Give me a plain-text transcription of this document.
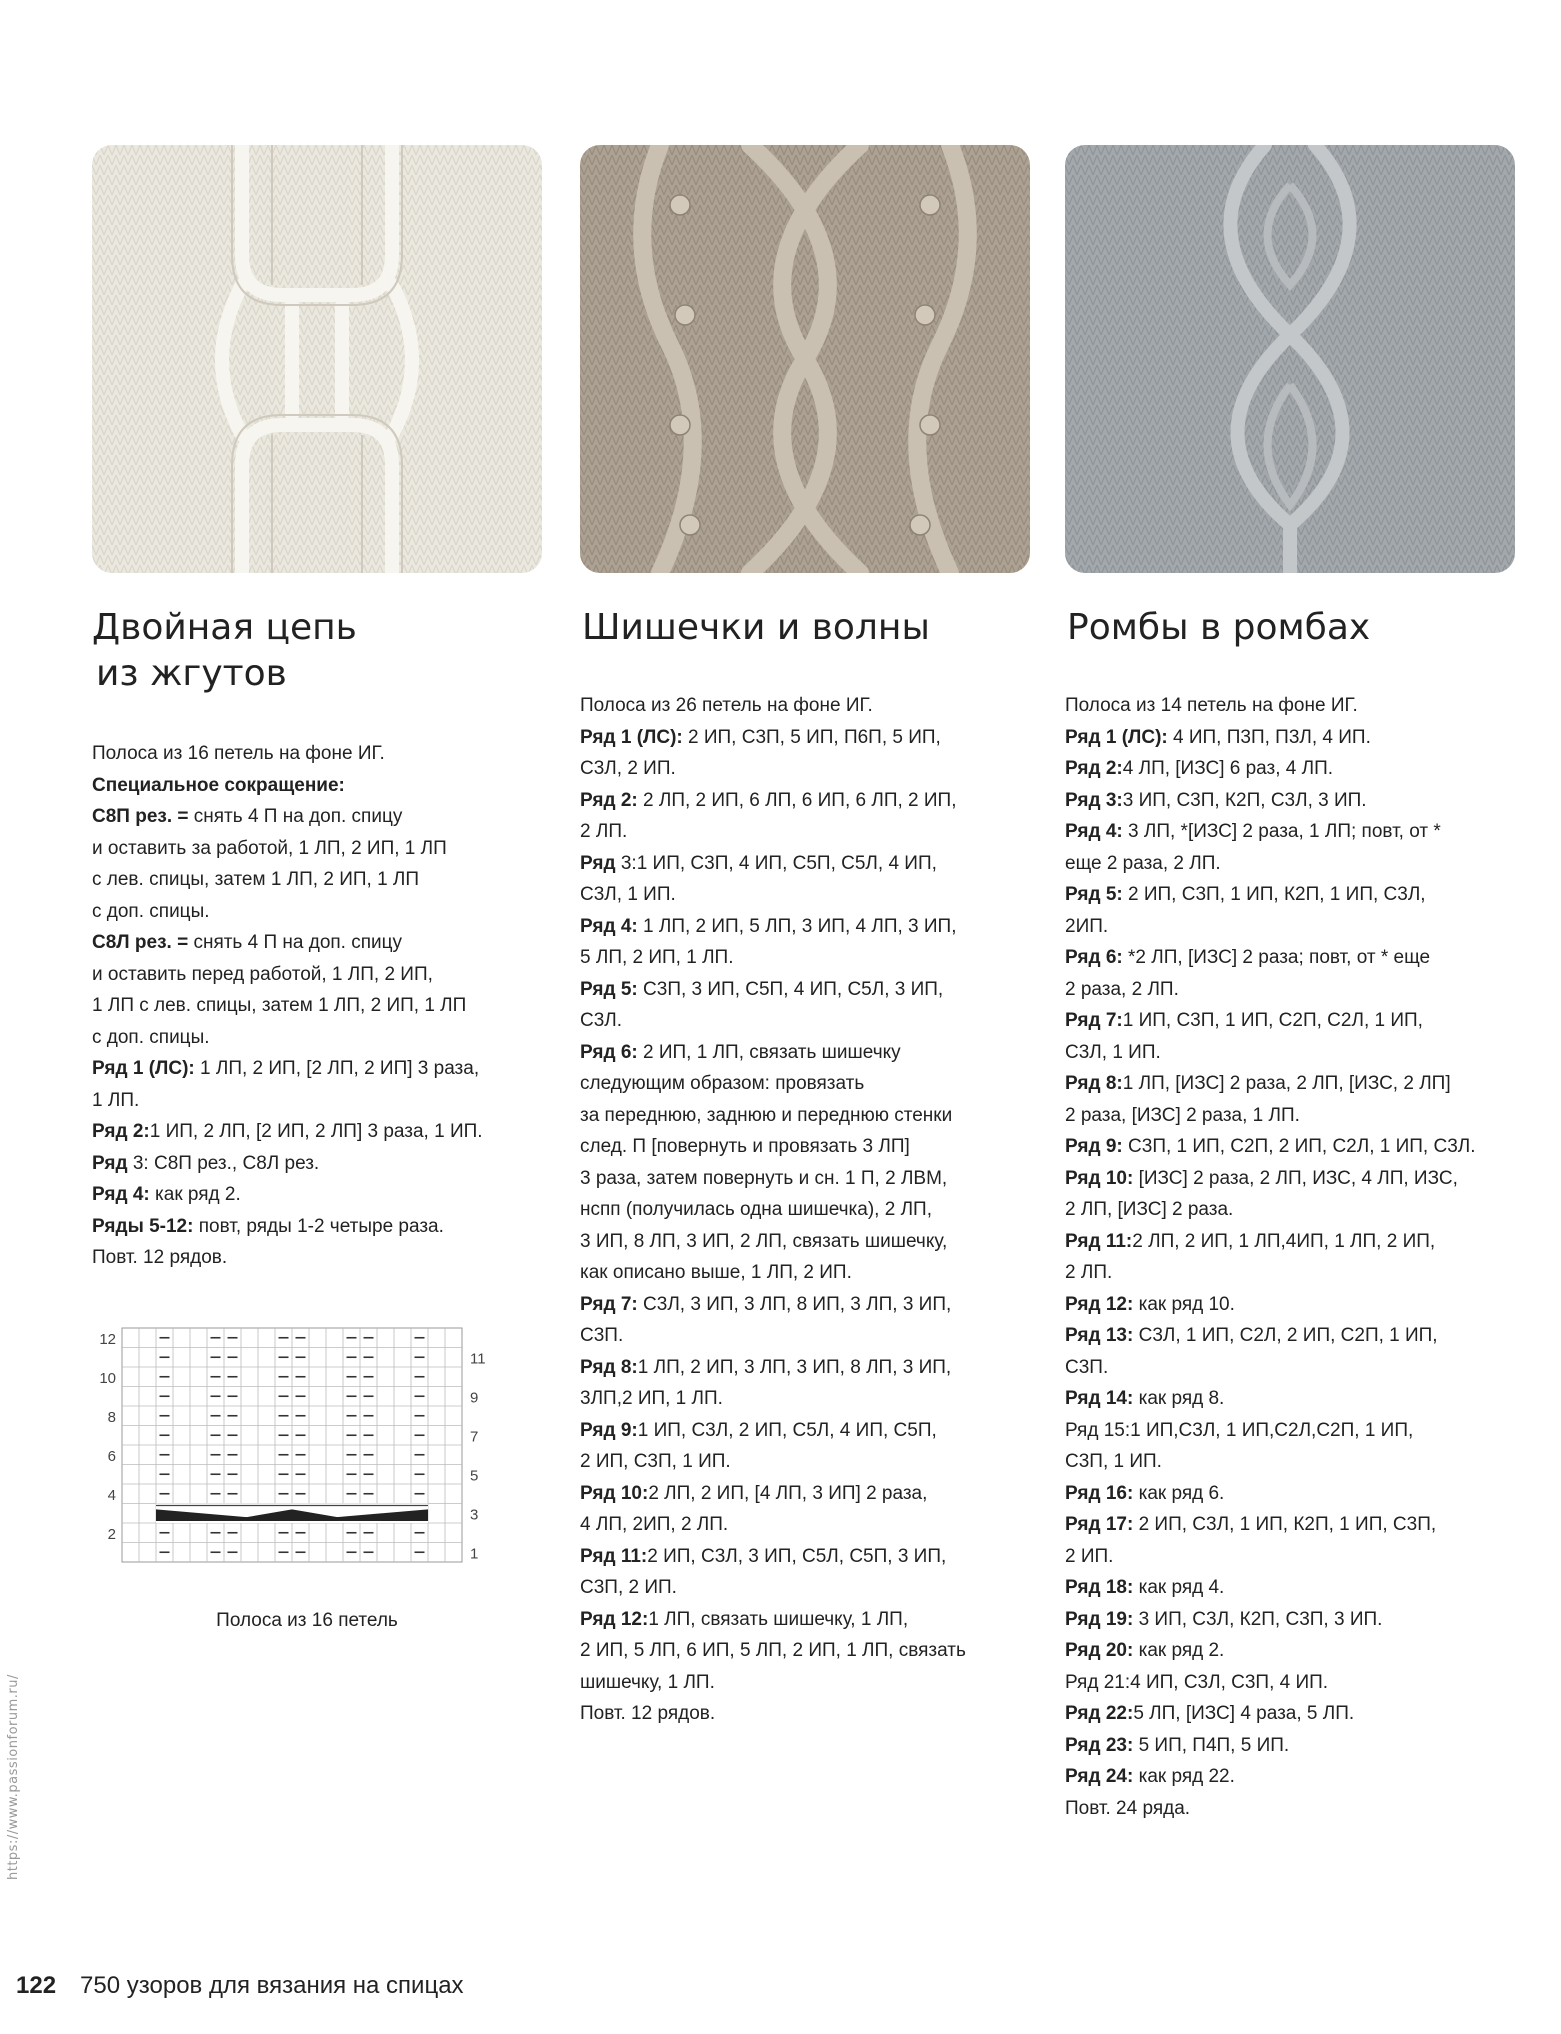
Двойная цепь
из жгутов

Полоса из 16 петель на фоне ИГ.

Специальное сокращение:

С8П рез. = снять 4 П на доп. спицу

и оставить за работой, 1 ЛП, 2 ИП, 1 ЛП

с лев. спицы, затем 1 ЛП, 2 ИП, 1 ЛП

с доп. спицы.

С8Л рез. = снять 4 П на доп. спицу

и оставить перед работой, 1 ЛП, 2 ИП,

1 ЛП с лев. спицы, затем 1 ЛП, 2 ИП, 1 ЛП

с доп. спицы.

Ряд 1 (ЛС): 1 ЛП, 2 ИП, [2 ЛП, 2 ИП] 3 раза,

1 ЛП.

Ряд 2:1 ИП, 2 ЛП, [2 ИП, 2 ЛП] 3 раза, 1 ИП.

Ряд 3: С8П рез., С8Л рез.

Ряд 4: как ряд 2.

Ряды 5-12: повт, ряды 1-2 четыре раза.

Повт. 12 рядов.

12
10
8
6
4
2
11
9
7
5
3
1
Полоса из 16 петель
Шишечки и волны

Полоса из 26 петель на фоне ИГ.

Ряд 1 (ЛС): 2 ИП, С3П, 5 ИП, П6П, 5 ИП,

С3Л, 2 ИП.

Ряд 2: 2 ЛП, 2 ИП, 6 ЛП, 6 ИП, 6 ЛП, 2 ИП,

2 ЛП.

Ряд 3:1 ИП, С3П, 4 ИП, С5П, С5Л, 4 ИП,

С3Л, 1 ИП.

Ряд 4: 1 ЛП, 2 ИП, 5 ЛП, 3 ИП, 4 ЛП, 3 ИП,

5 ЛП, 2 ИП, 1 ЛП.

Ряд 5: С3П, 3 ИП, С5П, 4 ИП, С5Л, 3 ИП,

С3Л.

Ряд 6: 2 ИП, 1 ЛП, связать шишечку

следующим образом: провязать

за переднюю, заднюю и переднюю стенки

след. П [повернуть и провязать 3 ЛП]

3 раза, затем повернуть и сн. 1 П, 2 ЛВМ,

нспп (получилась одна шишечка), 2 ЛП,

3 ИП, 8 ЛП, 3 ИП, 2 ЛП, связать шишечку,

как описано выше, 1 ЛП, 2 ИП.

Ряд 7: С3Л, 3 ИП, 3 ЛП, 8 ИП, 3 ЛП, 3 ИП,

С3П.

Ряд 8:1 ЛП, 2 ИП, 3 ЛП, 3 ИП, 8 ЛП, 3 ИП,

3ЛП,2 ИП, 1 ЛП.

Ряд 9:1 ИП, С3Л, 2 ИП, С5Л, 4 ИП, С5П,

2 ИП, С3П, 1 ИП.

Ряд 10:2 ЛП, 2 ИП, [4 ЛП, 3 ИП] 2 раза,

4 ЛП, 2ИП, 2 ЛП.

Ряд 11:2 ИП, С3Л, 3 ИП, С5Л, С5П, 3 ИП,

С3П, 2 ИП.

Ряд 12:1 ЛП, связать шишечку, 1 ЛП,

2 ИП, 5 ЛП, 6 ИП, 5 ЛП, 2 ИП, 1 ЛП, связать

шишечку, 1 ЛП.

Повт. 12 рядов.

Ромбы в ромбах

Полоса из 14 петель на фоне ИГ.

Ряд 1 (ЛС): 4 ИП, П3П, П3Л, 4 ИП.

Ряд 2:4 ЛП, [ИЗС] 6 раз, 4 ЛП.

Ряд 3:3 ИП, С3П, К2П, С3Л, 3 ИП.

Ряд 4: 3 ЛП, *[ИЗС] 2 раза, 1 ЛП; повт, от *

еще 2 раза, 2 ЛП.

Ряд 5: 2 ИП, С3П, 1 ИП, К2П, 1 ИП, С3Л,

2ИП.

Ряд 6: *2 ЛП, [ИЗС] 2 раза; повт, от * еще

2 раза, 2 ЛП.

Ряд 7:1 ИП, С3П, 1 ИП, С2П, С2Л, 1 ИП,

С3Л, 1 ИП.

Ряд 8:1 ЛП, [ИЗС] 2 раза, 2 ЛП, [ИЗС, 2 ЛП]

2 раза, [ИЗС] 2 раза, 1 ЛП.

Ряд 9: С3П, 1 ИП, С2П, 2 ИП, С2Л, 1 ИП, С3Л.

Ряд 10: [ИЗС] 2 раза, 2 ЛП, ИЗС, 4 ЛП, ИЗС,

2 ЛП, [ИЗС] 2 раза.

Ряд 11:2 ЛП, 2 ИП, 1 ЛП,4ИП, 1 ЛП, 2 ИП,

2 ЛП.

Ряд 12: как ряд 10.

Ряд 13: С3Л, 1 ИП, С2Л, 2 ИП, С2П, 1 ИП,

С3П.

Ряд 14: как ряд 8.

Ряд 15:1 ИП,С3Л, 1 ИП,С2Л,С2П, 1 ИП,

С3П, 1 ИП.

Ряд 16: как ряд 6.

Ряд 17: 2 ИП, С3Л, 1 ИП, К2П, 1 ИП, С3П,

2 ИП.

Ряд 18: как ряд 4.

Ряд 19: 3 ИП, С3Л, К2П, С3П, 3 ИП.

Ряд 20: как ряд 2.

Ряд 21:4 ИП, С3Л, С3П, 4 ИП.

Ряд 22:5 ЛП, [ИЗС] 4 раза, 5 ЛП.

Ряд 23: 5 ИП, П4П, 5 ИП.

Ряд 24: как ряд 22.

Повт. 24 ряда.

https://www.passionforum.ru/
122 750 узоров для вязания на спицах
